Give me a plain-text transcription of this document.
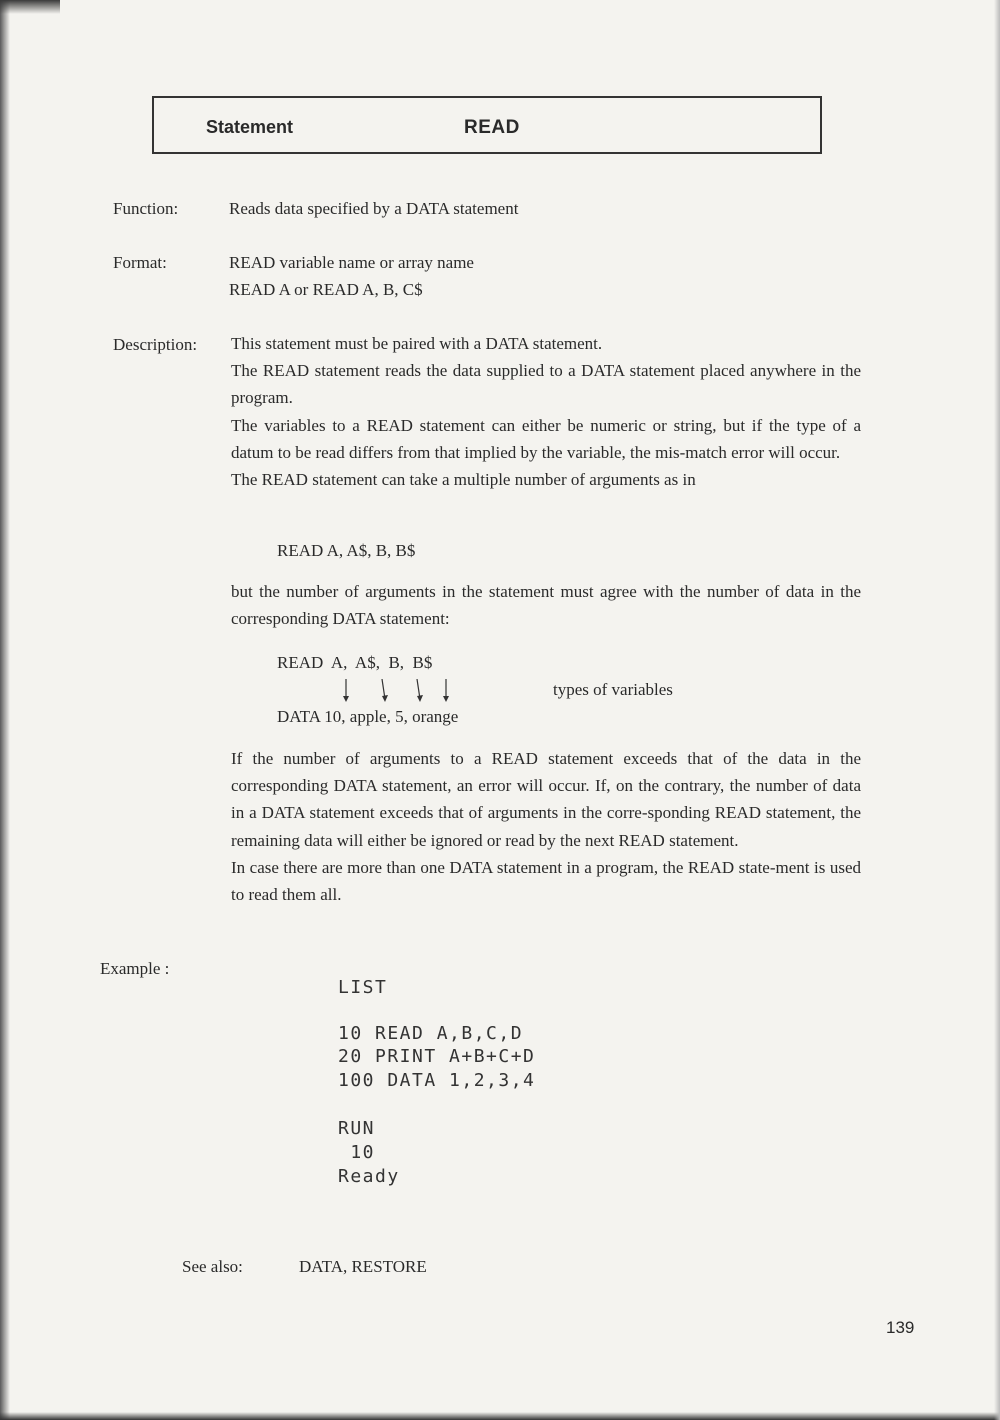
Statement	READ
Function:	Reads data specified by a DATA statement
Format:	READ variable name or array name
READ A or READ A, B, C$
Description: This statement must be paired with a DATA statement.

The READ statement reads the data supplied to a DATA statement placed anywhere in the program.

The variables to a READ statement can either be numeric or string, but if the type of a datum to be read differs from that implied by the variable, the mis-match error will occur.

The READ statement can take a multiple number of arguments as in

READ A, A$, B, B$

but the number of arguments in the statement must agree with the number of data in the corresponding DATA statement:

READ  A,  A$,  B,  B$
types of variables
DATA 10, apple, 5, orange

If the number of arguments to a READ statement exceeds that of the data in the corresponding DATA statement, an error will occur. If, on the contrary, the number of data in a DATA statement exceeds that of arguments in the corre-sponding READ statement, the remaining data will either be ignored or read by the next READ statement.

In case there are more than one DATA statement in a program, the READ state-ment is used to read them all.

Example :
LIST
10 READ A,B,C,D
20 PRINT A+B+C+D
100 DATA 1,2,3,4
RUN
10
Ready
See also:	DATA, RESTORE
139
